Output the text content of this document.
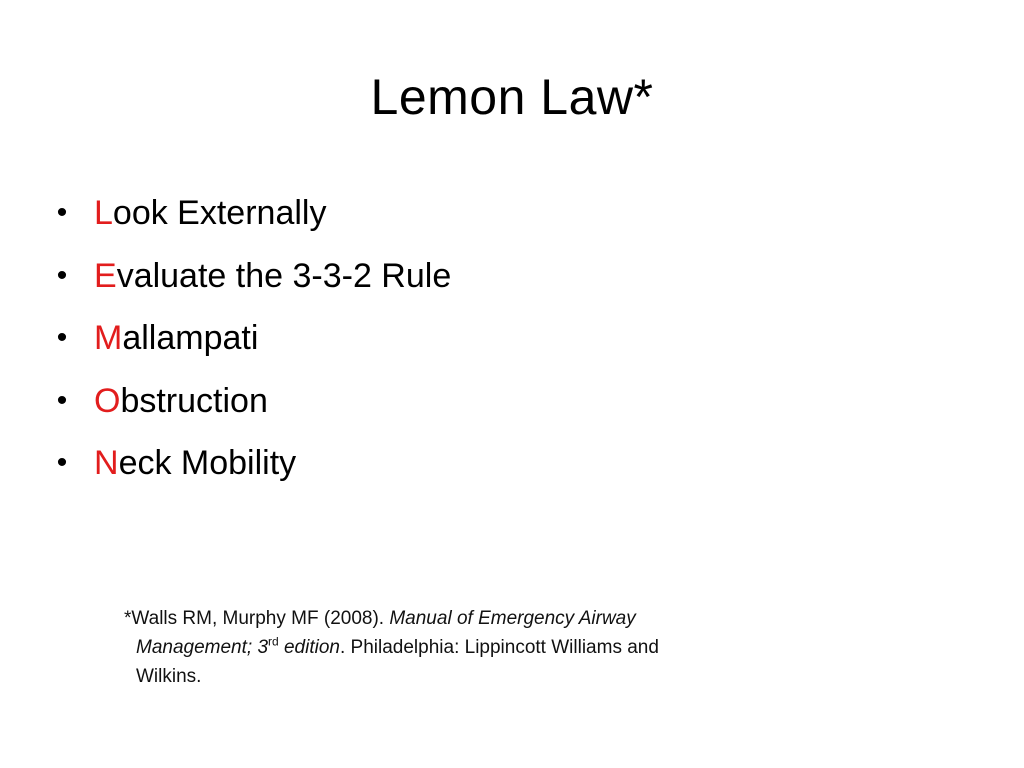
Lemon Law*
• Look Externally
• Evaluate the 3-3-2 Rule
• Mallampati
• Obstruction
• Neck Mobility
*Walls RM, Murphy MF (2008). Manual of Emergency Airway
Management; 3rd edition. Philadelphia: Lippincott Williams and
Wilkins.
